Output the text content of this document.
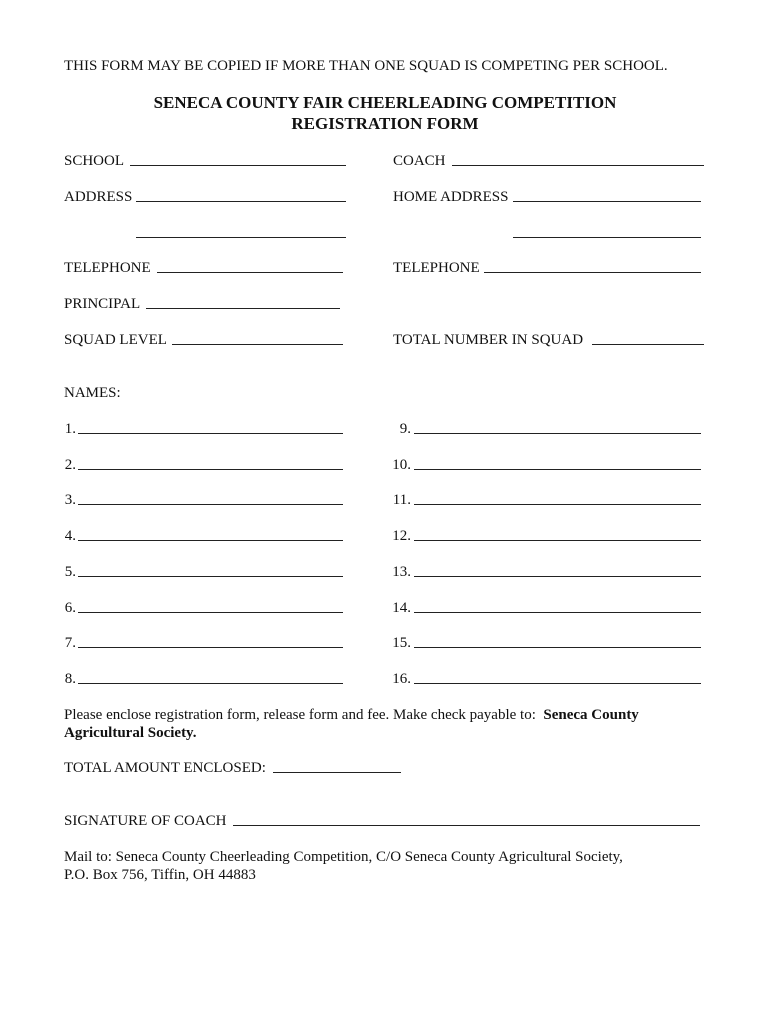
THIS FORM MAY BE COPIED IF MORE THAN ONE SQUAD IS COMPETING PER SCHOOL.
SENECA COUNTY FAIR CHEERLEADING COMPETITION
REGISTRATION FORM
SCHOOL	COACH
ADDRESS	HOME ADDRESS
TELEPHONE	TELEPHONE
PRINCIPAL
SQUAD LEVEL	TOTAL NUMBER IN SQUAD
NAMES:
1.
2.
3.
4.
5.
6.
7.
8.
9.
10.
11.
12.
13.
14.
15.
16.
Please enclose registration form, release form and fee. Make check payable to: Seneca County
Agricultural Society.
TOTAL AMOUNT ENCLOSED:
SIGNATURE OF COACH
Mail to: Seneca County Cheerleading Competition, C/O Seneca County Agricultural Society,
P.O. Box 756, Tiffin, OH 44883
